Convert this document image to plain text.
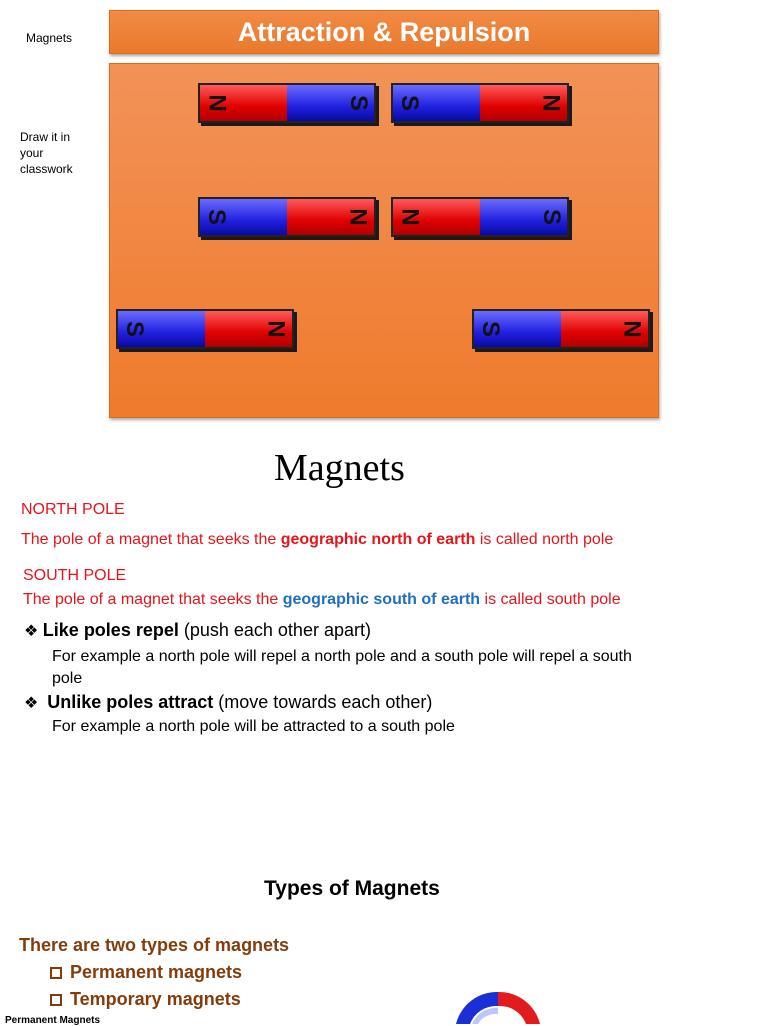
Magnets
Draw it in
your
classwork
Attraction & Repulsion
N	S S	N
S	N N	S
S	N	S	N
Magnets
NORTH POLE
The pole of a magnet that seeks the geographic north of earth is called north pole
SOUTH POLE
The pole of a magnet that seeks the geographic south of earth is called south pole
❖ Like poles repel (push each other apart)
For example a north pole will repel a north pole and a south pole will repel a south
pole
❖  Unlike poles attract (move towards each other)
For example a north pole will be attracted to a south pole
Types of Magnets
There are two types of magnets
Permanent magnets
Temporary magnets
Permanent Magnets
